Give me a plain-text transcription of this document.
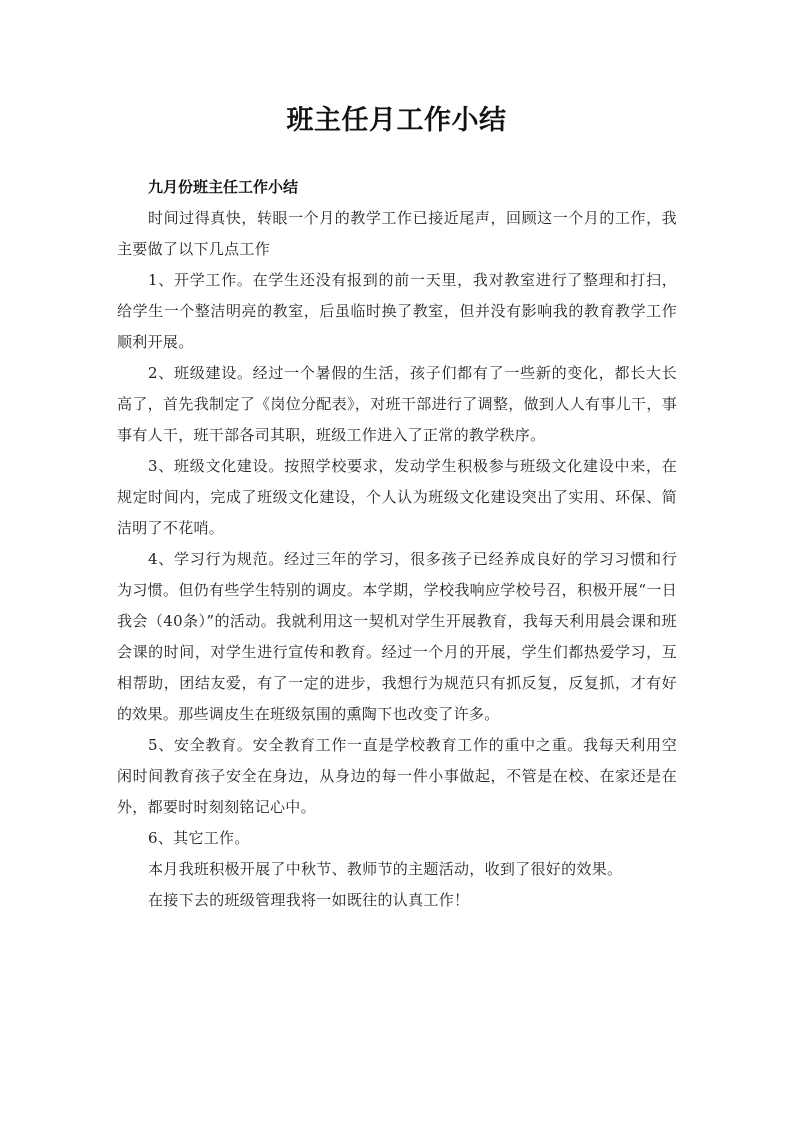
班主任月工作小结

九月份班主任工作小结

时间过得真快，转眼一个月的教学工作已接近尾声，回顾这一个月的工作，我主要做了以下几点工作

1、开学工作。在学生还没有报到的前一天里，我对教室进行了整理和打扫，给学生一个整洁明亮的教室，后虽临时换了教室，但并没有影响我的教育教学工作顺利开展。

2、班级建设。经过一个暑假的生活，孩子们都有了一些新的变化，都长大长高了，首先我制定了《岗位分配表》，对班干部进行了调整，做到人人有事儿干，事事有人干，班干部各司其职，班级工作进入了正常的教学秩序。

3、班级文化建设。按照学校要求，发动学生积极参与班级文化建设中来，在规定时间内，完成了班级文化建设，个人认为班级文化建设突出了实用、环保、简洁明了不花哨。

4、学习行为规范。经过三年的学习，很多孩子已经养成良好的学习习惯和行为习惯。但仍有些学生特别的调皮。本学期，学校我响应学校号召，积极开展“一日我会（40条）”的活动。我就利用这一契机对学生开展教育，我每天利用晨会课和班会课的时间，对学生进行宣传和教育。经过一个月的开展，学生们都热爱学习，互相帮助，团结友爱，有了一定的进步，我想行为规范只有抓反复，反复抓，才有好的效果。那些调皮生在班级氛围的熏陶下也改变了许多。

5、安全教育。安全教育工作一直是学校教育工作的重中之重。我每天利用空闲时间教育孩子安全在身边，从身边的每一件小事做起，不管是在校、在家还是在外，都要时时刻刻铭记心中。

6、其它工作。

本月我班积极开展了中秋节、教师节的主题活动，收到了很好的效果。

在接下去的班级管理我将一如既往的认真工作！
